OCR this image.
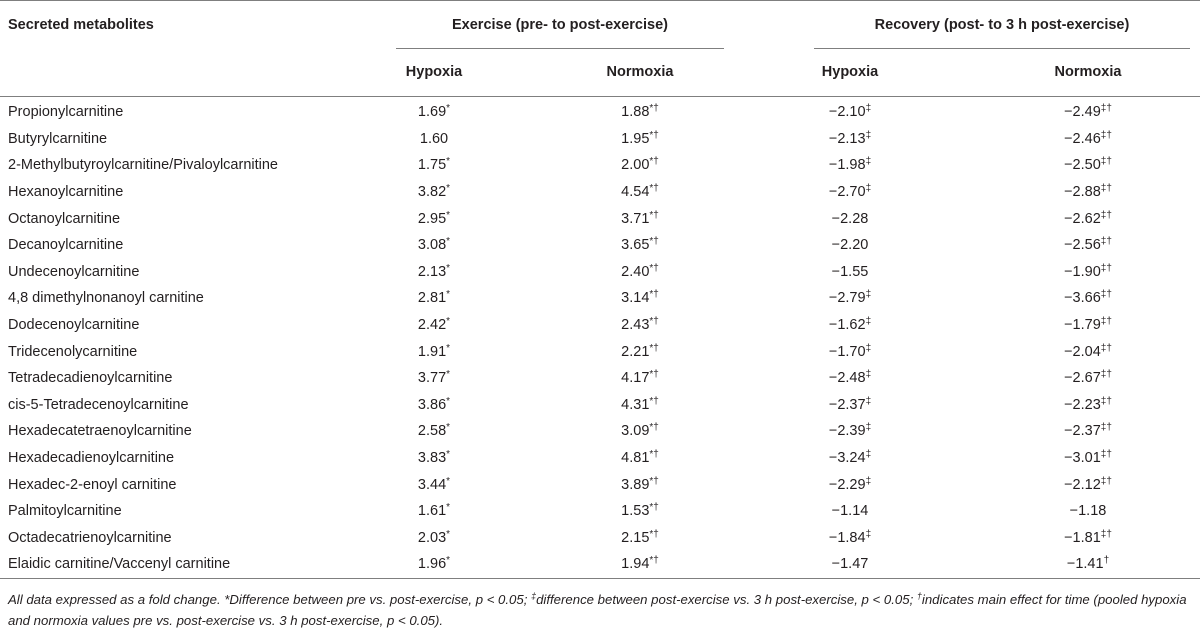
Secreted metabolites	Exercise (pre- to post-exercise)	Recovery (post- to 3 h post-exercise)
Hypoxia	Normoxia	Hypoxia	Normoxia
Propionylcarnitine	1.69*		1.88*†		−2.10‡		−2.49‡†	
Butyrylcarnitine	1.60		1.95*†		−2.13‡		−2.46‡†	
2-Methylbutyroylcarnitine/Pivaloylcarnitine	1.75*		2.00*†		−1.98‡		−2.50‡†	
Hexanoylcarnitine	3.82*		4.54*†		−2.70‡		−2.88‡†	
Octanoylcarnitine	2.95*		3.71*†		−2.28		−2.62‡†	
Decanoylcarnitine	3.08*		3.65*†		−2.20		−2.56‡†	
Undecenoylcarnitine	2.13*		2.40*†		−1.55		−1.90‡†	
4,8 dimethylnonanoyl carnitine	2.81*		3.14*†		−2.79‡		−3.66‡†	
Dodecenoylcarnitine	2.42*		2.43*†		−1.62‡		−1.79‡†	
Tridecenolycarnitine	1.91*		2.21*†		−1.70‡		−2.04‡†	
Tetradecadienoylcarnitine	3.77*		4.17*†		−2.48‡		−2.67‡†	
cis-5-Tetradecenoylcarnitine	3.86*		4.31*†		−2.37‡		−2.23‡†	
Hexadecatetraenoylcarnitine	2.58*		3.09*†		−2.39‡		−2.37‡†	
Hexadecadienoylcarnitine	3.83*		4.81*†		−3.24‡		−3.01‡†	
Hexadec-2-enoyl carnitine	3.44*		3.89*†		−2.29‡		−2.12‡†	
Palmitoylcarnitine	1.61*		1.53*†		−1.14		−1.18	
Octadecatrienoylcarnitine	2.03*		2.15*†		−1.84‡		−1.81‡†	
Elaidic carnitine/Vaccenyl carnitine	1.96*		1.94*†		−1.47		−1.41†	
All data expressed as a fold change. *Difference between pre vs. post-exercise, p < 0.05; ‡difference between post-exercise vs. 3 h post-exercise, p < 0.05; †indicates main effect for time (pooled hypoxia and normoxia values pre vs. post-exercise vs. 3 h post-exercise, p < 0.05).
